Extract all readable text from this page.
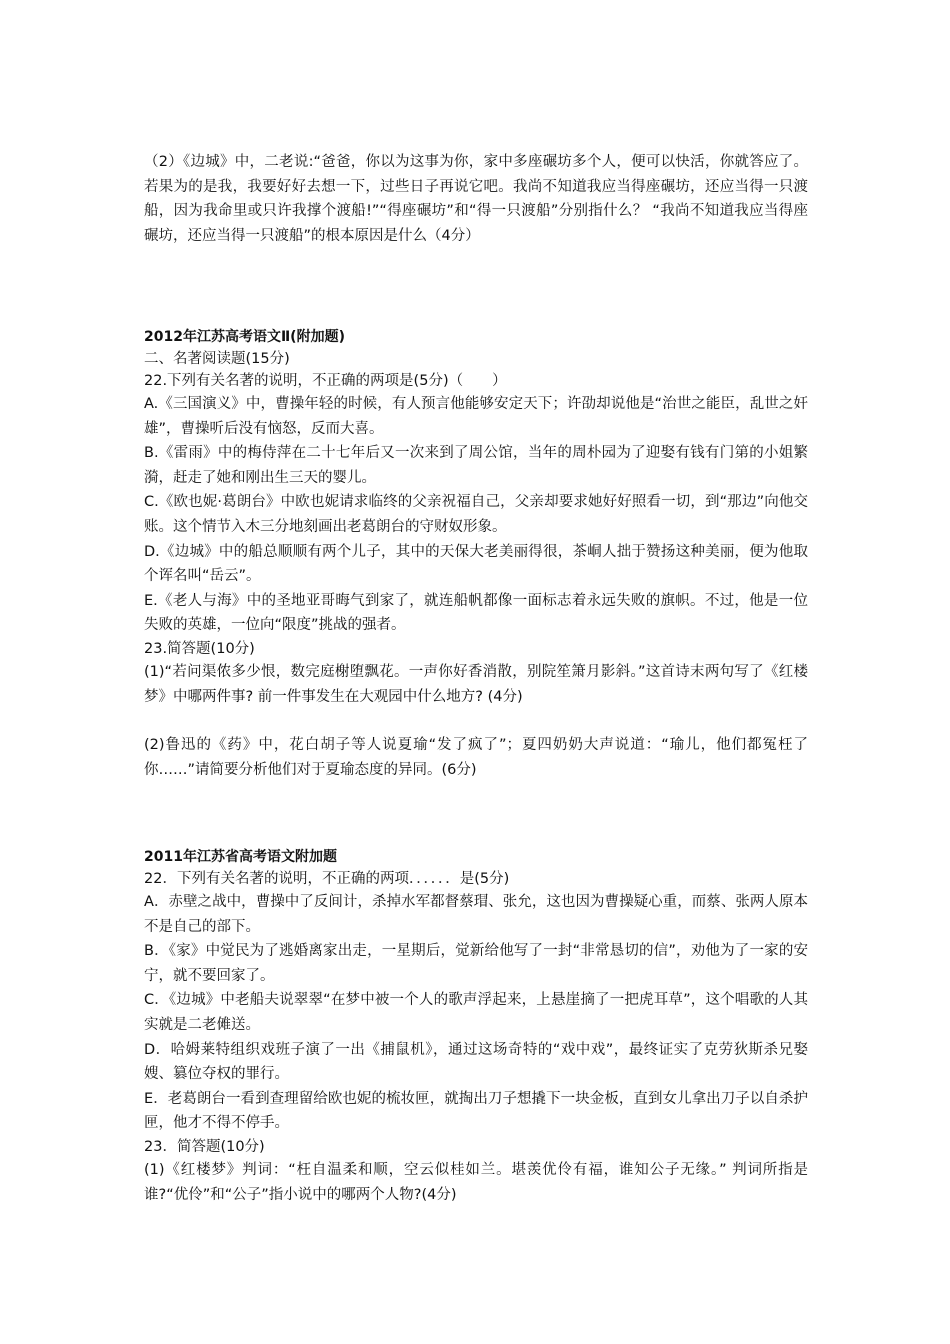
（2）《边城》中，二老说:“爸爸，你以为这事为你，家中多座碾坊多个人，便可以快活，你就答应了。若果为的是我，我要好好去想一下，过些日子再说它吧。我尚不知道我应当得座碾坊，还应当得一只渡船，因为我命里或只许我撑个渡船!”“得座碾坊”和“得一只渡船”分别指什么？ “我尚不知道我应当得座碾坊，还应当得一只渡船”的根本原因是什么（4分）

2012年江苏高考语文Ⅱ(附加题)

二、名著阅读题(15分)

22.下列有关名著的说明，不正确的两项是(5分)（　　）

A.《三国演义》中，曹操年轻的时候，有人预言他能够安定天下；许劭却说他是“治世之能臣，乱世之奸雄”，曹操听后没有恼怒，反而大喜。

B.《雷雨》中的梅侍萍在二十七年后又一次来到了周公馆，当年的周朴园为了迎娶有钱有门第的小姐繁漪，赶走了她和刚出生三天的婴儿。

C.《欧也妮·葛朗台》中欧也妮请求临终的父亲祝福自己，父亲却要求她好好照看一切，到“那边”向他交账。这个情节入木三分地刻画出老葛朗台的守财奴形象。

D.《边城》中的船总顺顺有两个儿子，其中的天保大老美丽得很，茶峒人拙于赞扬这种美丽，便为他取个诨名叫“岳云”。

E.《老人与海》中的圣地亚哥晦气到家了，就连船帆都像一面标志着永远失败的旗帜。不过，他是一位失败的英雄，一位向“限度”挑战的强者。

23.简答题(10分)

(1)“若问渠侬多少恨，数完庭榭堕飘花。一声你好香消散，别院笙箫月影斜。”这首诗末两句写了《红楼梦》中哪两件事? 前一件事发生在大观园中什么地方? (4分)

(2)鲁迅的《药》中，花白胡子等人说夏瑜“发了疯了”；夏四奶奶大声说道：“瑜儿，他们都冤枉了你……”请简要分析他们对于夏瑜态度的异同。(6分)

2011年江苏省高考语文附加题

22．下列有关名著的说明，不正确的两项．．．．．．是(5分)

A．赤壁之战中，曹操中了反间计，杀掉水军都督蔡瑁、张允，这也因为曹操疑心重，而蔡、张两人原本不是自己的部下。

B．《家》中觉民为了逃婚离家出走，一星期后，觉新给他写了一封“非常恳切的信”，劝他为了一家的安宁，就不要回家了。

C．《边城》中老船夫说翠翠“在梦中被一个人的歌声浮起来，上悬崖摘了一把虎耳草”，这个唱歌的人其实就是二老傩送。

D．哈姆莱特组织戏班子演了一出《捕鼠机》，通过这场奇特的“戏中戏”，最终证实了克劳狄斯杀兄娶嫂、篡位夺权的罪行。

E．老葛朗台一看到查理留给欧也妮的梳妆匣，就掏出刀子想撬下一块金板，直到女儿拿出刀子以自杀护匣，他才不得不停手。

23．简答题(10分)

(1)《红楼梦》判词：“枉自温柔和顺，空云似桂如兰。堪羡优伶有福，谁知公子无缘。” 判词所指是谁?“优伶”和“公子”指小说中的哪两个人物?(4分)
